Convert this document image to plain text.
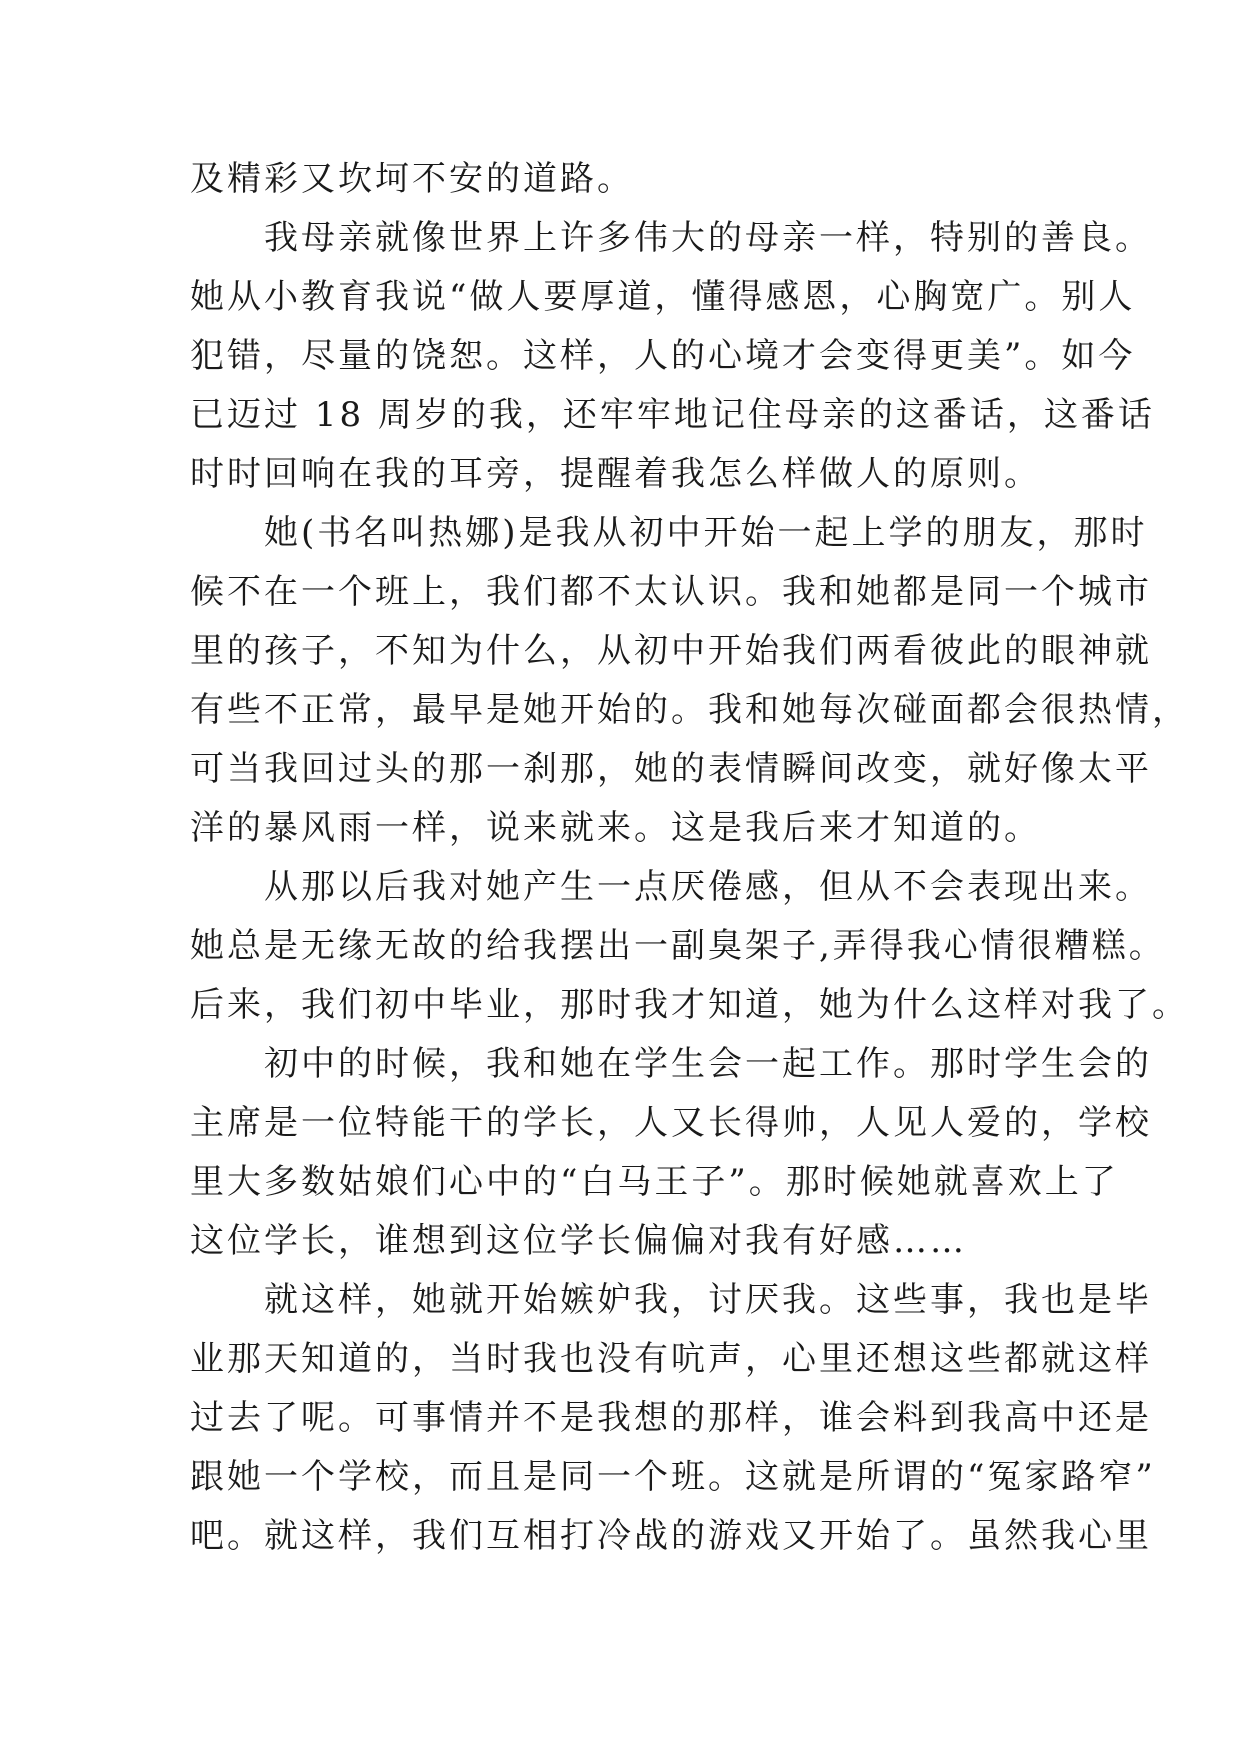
及精彩又坎坷不安的道路。
　　我母亲就像世界上许多伟大的母亲一样，特别的善良。
她从小教育我说“做人要厚道，懂得感恩，心胸宽广。别人
犯错，尽量的饶恕。这样，人的心境才会变得更美”。如今
已迈过 18 周岁的我，还牢牢地记住母亲的这番话，这番话
时时回响在我的耳旁，提醒着我怎么样做人的原则。
　　她(书名叫热娜)是我从初中开始一起上学的朋友，那时
候不在一个班上，我们都不太认识。我和她都是同一个城市
里的孩子，不知为什么，从初中开始我们两看彼此的眼神就
有些不正常，最早是她开始的。我和她每次碰面都会很热情，
可当我回过头的那一刹那，她的表情瞬间改变，就好像太平
洋的暴风雨一样，说来就来。这是我后来才知道的。
　　从那以后我对她产生一点厌倦感，但从不会表现出来。
她总是无缘无故的给我摆出一副臭架子,弄得我心情很糟糕。
后来，我们初中毕业，那时我才知道，她为什么这样对我了。
　　初中的时候，我和她在学生会一起工作。那时学生会的
主席是一位特能干的学长，人又长得帅，人见人爱的，学校
里大多数姑娘们心中的“白马王子”。那时候她就喜欢上了
这位学长，谁想到这位学长偏偏对我有好感……
　　就这样，她就开始嫉妒我，讨厌我。这些事，我也是毕
业那天知道的，当时我也没有吭声，心里还想这些都就这样
过去了呢。可事情并不是我想的那样，谁会料到我高中还是
跟她一个学校，而且是同一个班。这就是所谓的“冤家路窄”
吧。就这样，我们互相打冷战的游戏又开始了。虽然我心里
